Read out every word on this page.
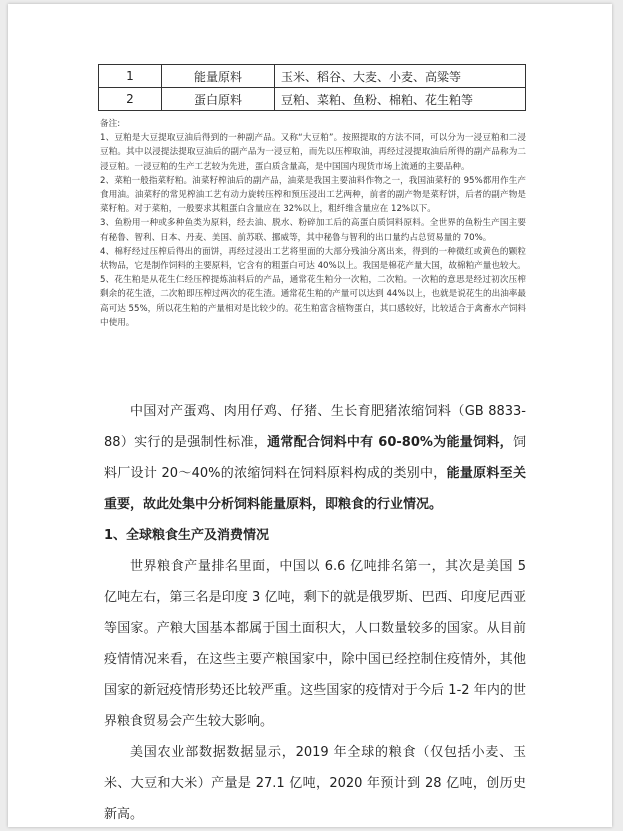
1	能量原料	玉米、稻谷、大麦、小麦、高粱等
2	蛋白原料	豆粕、菜粕、鱼粉、棉粕、花生粕等

备注:

1、豆粕是大豆提取豆油后得到的一种副产品。又称“大豆粕”。按照提取的方法不同，可以分为一浸豆粕和二浸豆粕。其中以浸提法提取豆油后的副产品为一浸豆粕，而先以压榨取油，再经过浸提取油后所得的副产品称为二浸豆粕。一浸豆粕的生产工艺较为先进，蛋白质含量高，是中国国内现货市场上流通的主要品种。

2、菜粕一般指菜籽粕。油菜籽榨油后的副产品，油菜是我国主要油料作物之一，我国油菜籽的 95%都用作生产食用油。油菜籽的常见榨油工艺有动力旋转压榨和预压浸出工艺两种，前者的副产物是菜籽饼，后者的副产物是菜籽粕。对于菜粕，一般要求其粗蛋白含量应在 32%以上，粗纤维含量应在 12%以下。

3、鱼粉用一种或多种鱼类为原料，经去油、脱水、粉碎加工后的高蛋白质饲料原料。全世界的鱼粉生产国主要有秘鲁、智利、日本、丹麦、美国、前苏联、挪威等，其中秘鲁与智利的出口量约占总贸易量的 70%。

4、棉籽经过压榨后得出的面饼，再经过浸出工艺将里面的大部分残油分离出来，得到的一种微红或黄色的颗粒状物品，它是制作饲料的主要原料，它含有的粗蛋白可达 40%以上。我国是棉花产量大国，故棉粕产量也较大。

5、花生粕是从花生仁经压榨提炼油料后的产品，通常花生粕分一次粕，二次粕。一次粕的意思是经过初次压榨剩余的花生渣，二次粕即压榨过两次的花生渣。通常花生粕的产量可以达到 44%以上，也就是说花生的出油率最高可达 55%，所以花生粕的产量相对是比较少的。花生粕富含植物蛋白，其口感较好，比较适合于禽畜水产饲料中使用。

中国对产蛋鸡、肉用仔鸡、仔猪、生长育肥猪浓缩饲料（GB 8833-88）实行的是强制性标准，通常配合饲料中有 60-80%为能量饲料，饲料厂设计 20～40%的浓缩饲料在饲料原料构成的类别中，能量原料至关重要，故此处集中分析饲料能量原料，即粮食的行业情况。

1、全球粮食生产及消费情况

世界粮食产量排名里面，中国以 6.6 亿吨排名第一，其次是美国 5 亿吨左右，第三名是印度 3 亿吨，剩下的就是俄罗斯、巴西、印度尼西亚等国家。产粮大国基本都属于国土面积大，人口数量较多的国家。从目前疫情情况来看，在这些主要产粮国家中，除中国已经控制住疫情外，其他国家的新冠疫情形势还比较严重。这些国家的疫情对于今后 1-2 年内的世界粮食贸易会产生较大影响。

美国农业部数据数据显示，2019 年全球的粮食（仅包括小麦、玉米、大豆和大米）产量是 27.1 亿吨，2020 年预计到 28 亿吨，创历史新高。
